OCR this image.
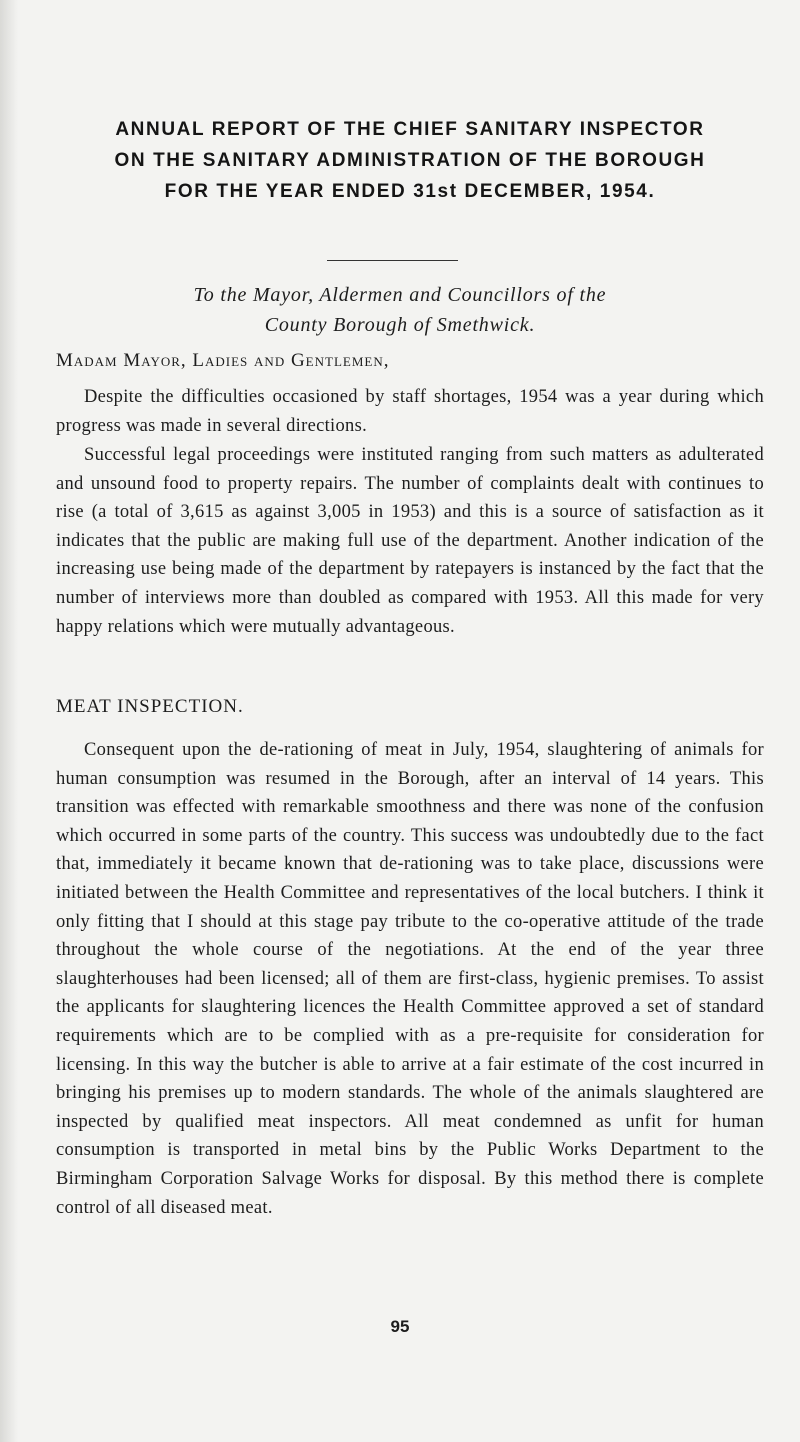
ANNUAL REPORT OF THE CHIEF SANITARY INSPECTOR
ON THE SANITARY ADMINISTRATION OF THE BOROUGH
FOR THE YEAR ENDED 31st DECEMBER, 1954.
To the Mayor, Aldermen and Councillors of the
County Borough of Smethwick.
Madam Mayor, Ladies and Gentlemen,

Despite the difficulties occasioned by staff shortages, 1954 was a year during which progress was made in several directions.

Successful legal proceedings were instituted ranging from such matters as adulterated and unsound food to property repairs. The number of complaints dealt with continues to rise (a total of 3,615 as against 3,005 in 1953) and this is a source of satisfaction as it indicates that the public are making full use of the department. Another indication of the increasing use being made of the department by ratepayers is instanced by the fact that the number of interviews more than doubled as compared with 1953. All this made for very happy relations which were mutually advantageous.

MEAT INSPECTION.

Consequent upon the de-rationing of meat in July, 1954, slaughtering of animals for human consumption was resumed in the Borough, after an interval of 14 years. This transition was effected with remarkable smoothness and there was none of the confusion which occurred in some parts of the country. This success was undoubtedly due to the fact that, immediately it became known that de-rationing was to take place, discussions were initiated between the Health Committee and representatives of the local butchers. I think it only fitting that I should at this stage pay tribute to the co-operative attitude of the trade throughout the whole course of the negotiations. At the end of the year three slaughterhouses had been licensed; all of them are first-class, hygienic premises. To assist the applicants for slaughtering licences the Health Committee approved a set of standard requirements which are to be complied with as a pre-requisite for consideration for licensing. In this way the butcher is able to arrive at a fair estimate of the cost incurred in bringing his premises up to modern standards. The whole of the animals slaughtered are inspected by qualified meat inspectors. All meat condemned as unfit for human consumption is transported in metal bins by the Public Works Department to the Birmingham Corporation Salvage Works for disposal. By this method there is complete control of all diseased meat.

95
